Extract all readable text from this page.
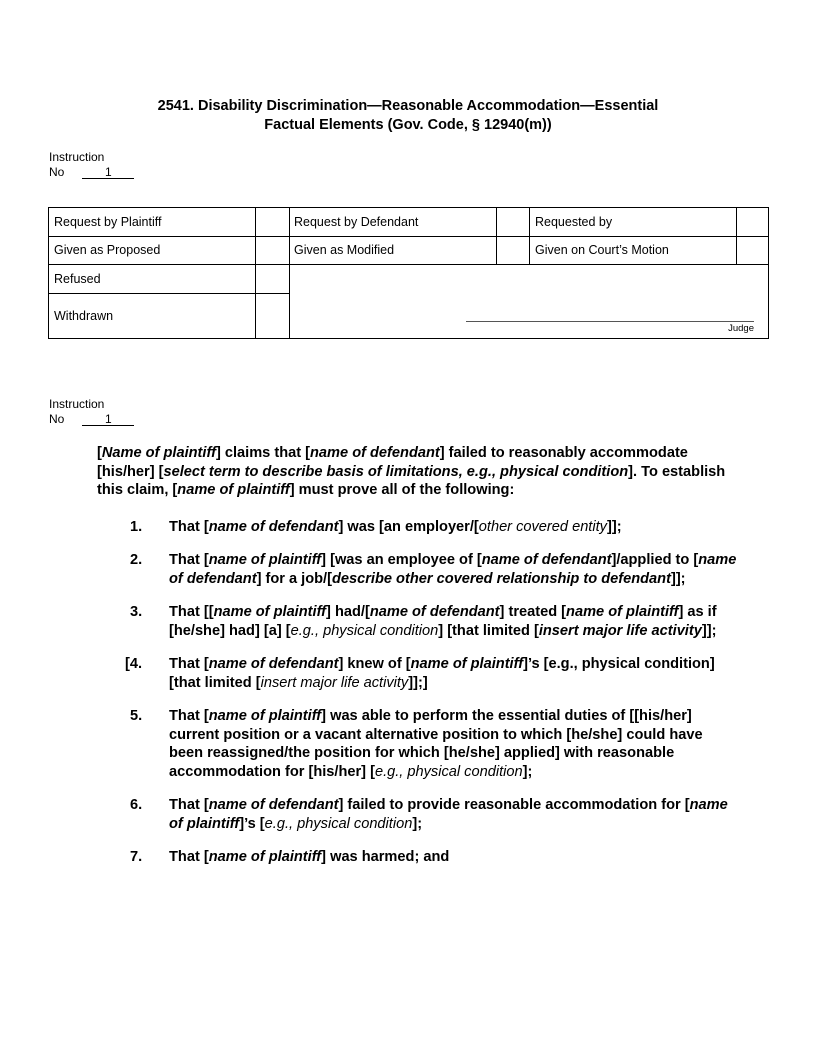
2541. Disability Discrimination—Reasonable Accommodation—Essential
Factual Elements (Gov. Code, § 12940(m))
Instruction
No	1
Request by Plaintiff	Request by Defendant	Requested by
Given as Proposed	Given as Modified	Given on Court’s Motion
Refused
Withdrawn
Judge
Instruction
No	1

[Name of plaintiff] claims that [name of defendant] failed to reasonably accommodate [his/her] [select term to describe basis of limitations, e.g., physical condition]. To establish this claim, [name of plaintiff] must prove all of the following:

1.	That [name of defendant] was [an employer/[other covered entity]];
2.	That [name of plaintiff] [was an employee of [name of defendant]/applied to [name of defendant] for a job/[describe other covered relationship to defendant]];
3.	That [[name of plaintiff] had/[name of defendant] treated [name of plaintiff] as if [he/she] had] [a] [e.g., physical condition] [that limited [insert major life activity]];
[4.	That [name of defendant] knew of [name of plaintiff]’s [e.g., physical condition] [that limited [insert major life activity]];]
5.	That [name of plaintiff] was able to perform the essential duties of [[his/her] current position or a vacant alternative position to which [he/she] could have been reassigned/the position for which [he/she] applied] with reasonable accommodation for [his/her] [e.g., physical condition];
6.	That [name of defendant] failed to provide reasonable accommodation for [name of plaintiff]’s [e.g., physical condition];
7.	That [name of plaintiff] was harmed; and
